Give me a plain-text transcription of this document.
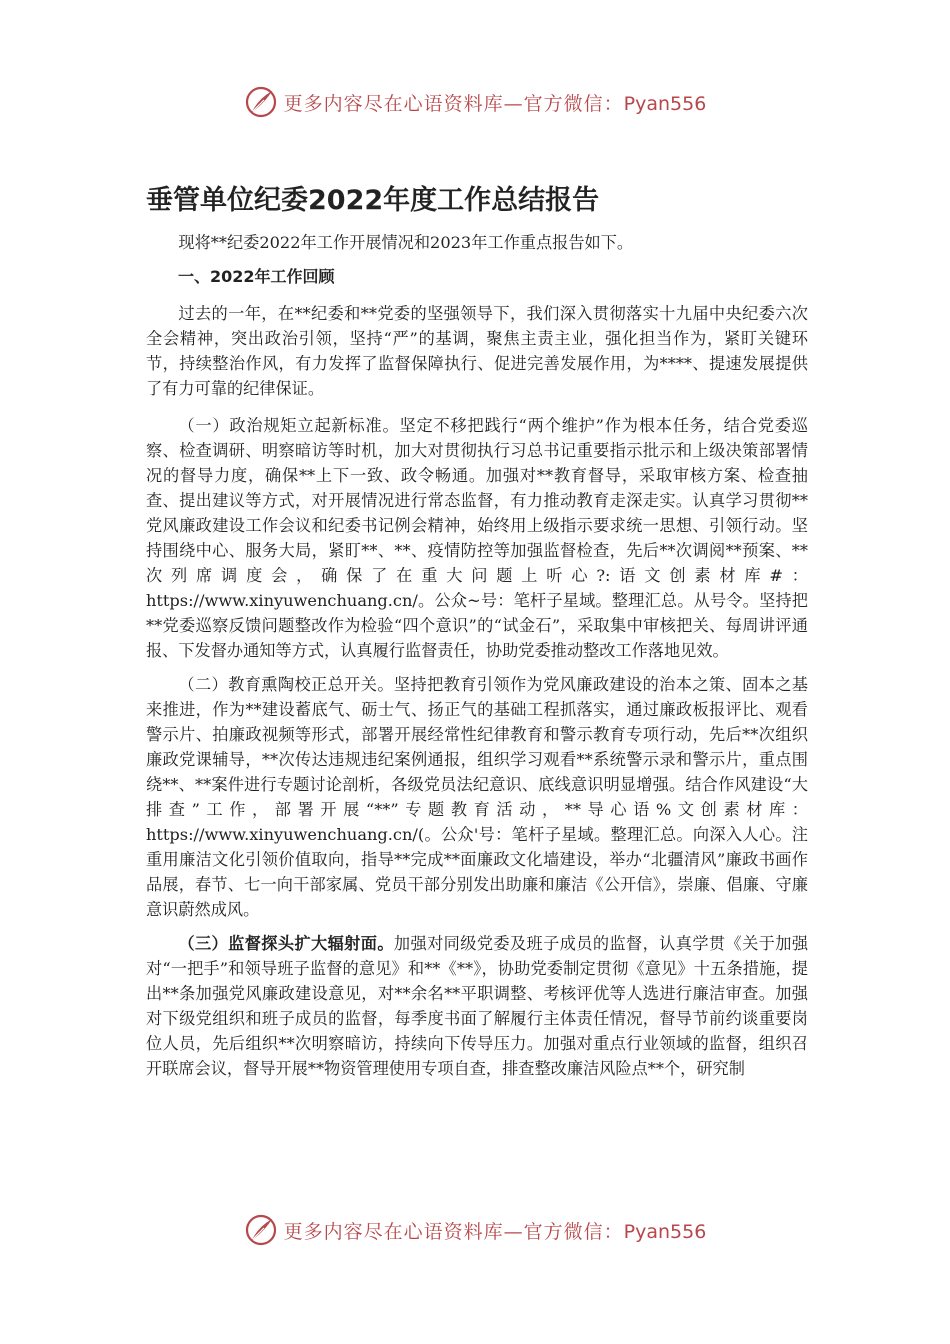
更多内容尽在心语资料库—官方微信：Pyan556
垂管单位纪委2022年度工作总结报告

现将**纪委2022年工作开展情况和2023年工作重点报告如下。

一、2022年工作回顾

过去的一年，在**纪委和**党委的坚强领导下，我们深入贯彻落实十九届中央纪委六次全会精神，突出政治引领，坚持“严”的基调，聚焦主责主业，强化担当作为，紧盯关键环节，持续整治作风，有力发挥了监督保障执行、促进完善发展作用，为****、提速发展提供了有力可靠的纪律保证。

（一）政治规矩立起新标准。坚定不移把践行“两个维护”作为根本任务，结合党委巡察、检查调研、明察暗访等时机，加大对贯彻执行习总书记重要指示批示和上级决策部署情况的督导力度，确保**上下一致、政令畅通。加强对**教育督导，采取审核方案、检查抽查、提出建议等方式，对开展情况进行常态监督，有力推动教育走深走实。认真学习贯彻**党风廉政建设工作会议和纪委书记例会精神，始终用上级指示要求统一思想、引领行动。坚持围绕中心、服务大局，紧盯**、**、疫情防控等加强监督检查，先后**次调阅**预案、**次列席调度会，确保了在重大问题上听心?:语文创素材库#：https://www.xinyuwenchuang.cn/。公众~号：笔杆子星域。整理汇总。从号令。坚持把**党委巡察反馈问题整改作为检验“四个意识”的“试金石”，采取集中审核把关、每周讲评通报、下发督办通知等方式，认真履行监督责任，协助党委推动整改工作落地见效。

（二）教育熏陶校正总开关。坚持把教育引领作为党风廉政建设的治本之策、固本之基来推进，作为**建设蓄底气、砺士气、扬正气的基础工程抓落实，通过廉政板报评比、观看警示片、拍廉政视频等形式，部署开展经常性纪律教育和警示教育专项行动，先后**次组织廉政党课辅导，**次传达违规违纪案例通报，组织学习观看**系统警示录和警示片，重点围绕**、**案件进行专题讨论剖析，各级党员法纪意识、底线意识明显增强。结合作风建设“大排查”工作，部署开展“**”专题教育活动，**导心语%文创素材库：https://www.xinyuwenchuang.cn/(。公众'号：笔杆子星域。整理汇总。向深入人心。注重用廉洁文化引领价值取向，指导**完成**面廉政文化墙建设，举办“北疆清风”廉政书画作品展，春节、七一向干部家属、党员干部分别发出助廉和廉洁《公开信》，崇廉、倡廉、守廉意识蔚然成风。

（三）监督探头扩大辐射面。加强对同级党委及班子成员的监督，认真学贯《关于加强对“一把手”和领导班子监督的意见》和**《**》，协助党委制定贯彻《意见》十五条措施，提出**条加强党风廉政建设意见，对**余名**平职调整、考核评优等人选进行廉洁审查。加强对下级党组织和班子成员的监督，每季度书面了解履行主体责任情况，督导节前约谈重要岗位人员，先后组织**次明察暗访，持续向下传导压力。加强对重点行业领域的监督，组织召开联席会议，督导开展**物资管理使用专项自查，排查整改廉洁风险点**个，研究制

更多内容尽在心语资料库—官方微信：Pyan556
